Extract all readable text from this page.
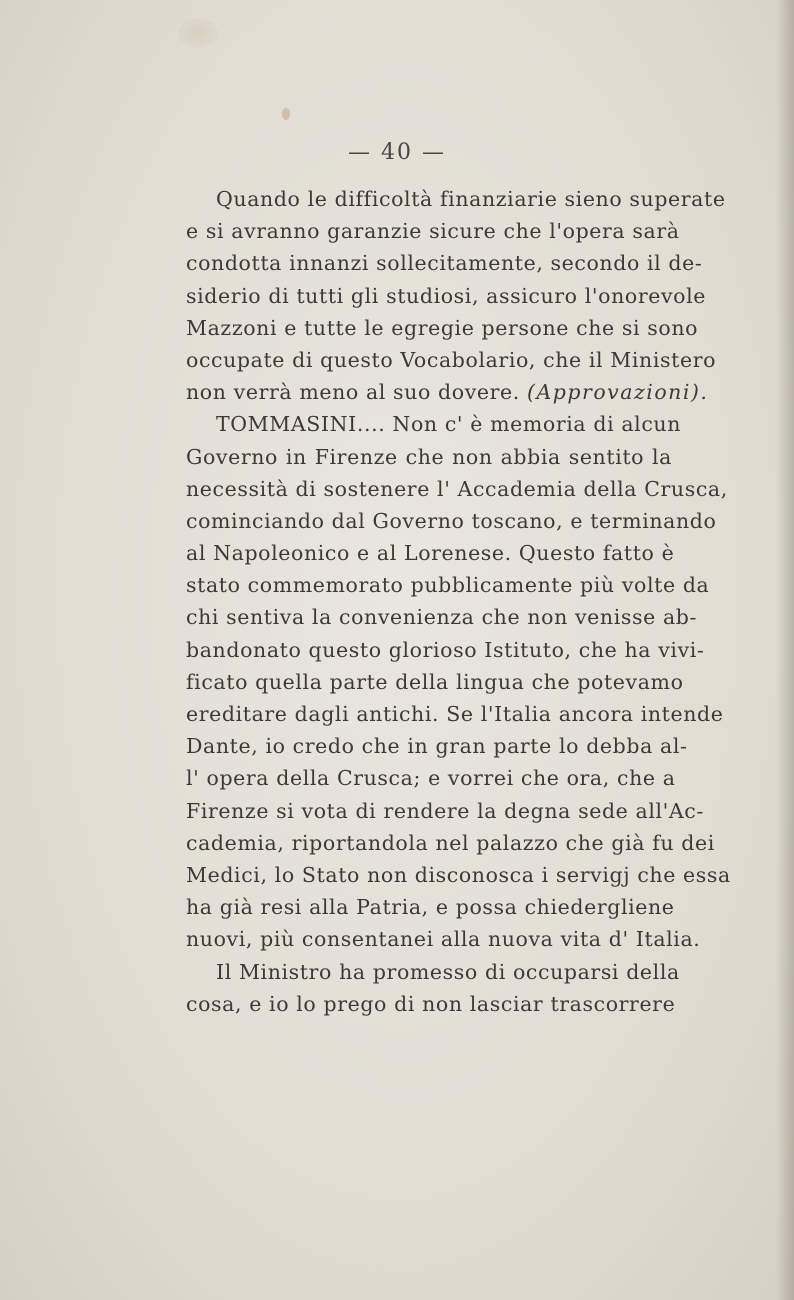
— 40 —
Quando le difficoltà finanziarie sieno superate
e si avranno garanzie sicure che l'opera sarà
condotta innanzi sollecitamente, secondo il de-
siderio di tutti gli studiosi, assicuro l'onorevole
Mazzoni e tutte le egregie persone che si sono
occupate di questo Vocabolario, che il Ministero
non verrà meno al suo dovere. (Approvazioni).
TOMMASINI.... Non c' è memoria di alcun
Governo in Firenze che non abbia sentito la
necessità di sostenere l' Accademia della Crusca,
cominciando dal Governo toscano, e terminando
al Napoleonico e al Lorenese. Questo fatto è
stato commemorato pubblicamente più volte da
chi sentiva la convenienza che non venisse ab-
bandonato questo glorioso Istituto, che ha vivi-
ficato quella parte della lingua che potevamo
ereditare dagli antichi. Se l'Italia ancora intende
Dante, io credo che in gran parte lo debba al-
l' opera della Crusca; e vorrei che ora, che a
Firenze si vota di rendere la degna sede all'Ac-
cademia, riportandola nel palazzo che già fu dei
Medici, lo Stato non disconosca i servigj che essa
ha già resi alla Patria, e possa chiedergliene
nuovi, più consentanei alla nuova vita d' Italia.
Il Ministro ha promesso di occuparsi della
cosa, e io lo prego di non lasciar trascorrere
